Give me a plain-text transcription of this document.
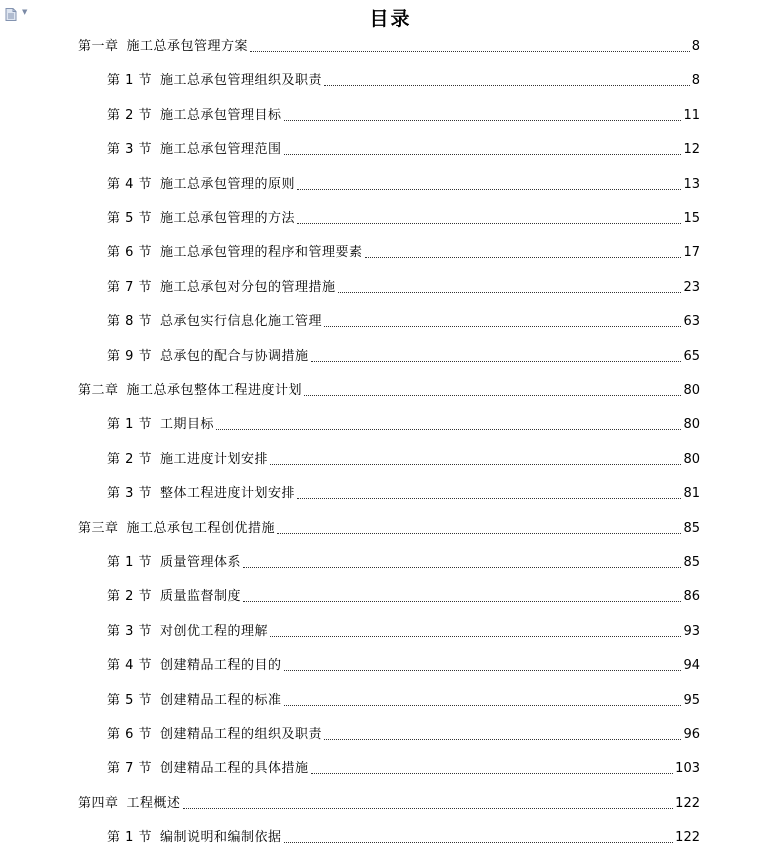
▼	目录
第一章 施工总承包管理方案	8
第 1 节 施工总承包管理组织及职责	8
第 2 节 施工总承包管理目标	11
第 3 节 施工总承包管理范围	12
第 4 节 施工总承包管理的原则	13
第 5 节 施工总承包管理的方法	15
第 6 节 施工总承包管理的程序和管理要素	17
第 7 节 施工总承包对分包的管理措施	23
第 8 节 总承包实行信息化施工管理	63
第 9 节 总承包的配合与协调措施	65
第二章 施工总承包整体工程进度计划	80
第 1 节 工期目标	80
第 2 节 施工进度计划安排	80
第 3 节 整体工程进度计划安排	81
第三章 施工总承包工程创优措施	85
第 1 节 质量管理体系	85
第 2 节 质量监督制度	86
第 3 节 对创优工程的理解	93
第 4 节 创建精品工程的目的	94
第 5 节 创建精品工程的标准	95
第 6 节 创建精品工程的组织及职责	96
第 7 节 创建精品工程的具体措施	103
第四章 工程概述	122
第 1 节 编制说明和编制依据	122
